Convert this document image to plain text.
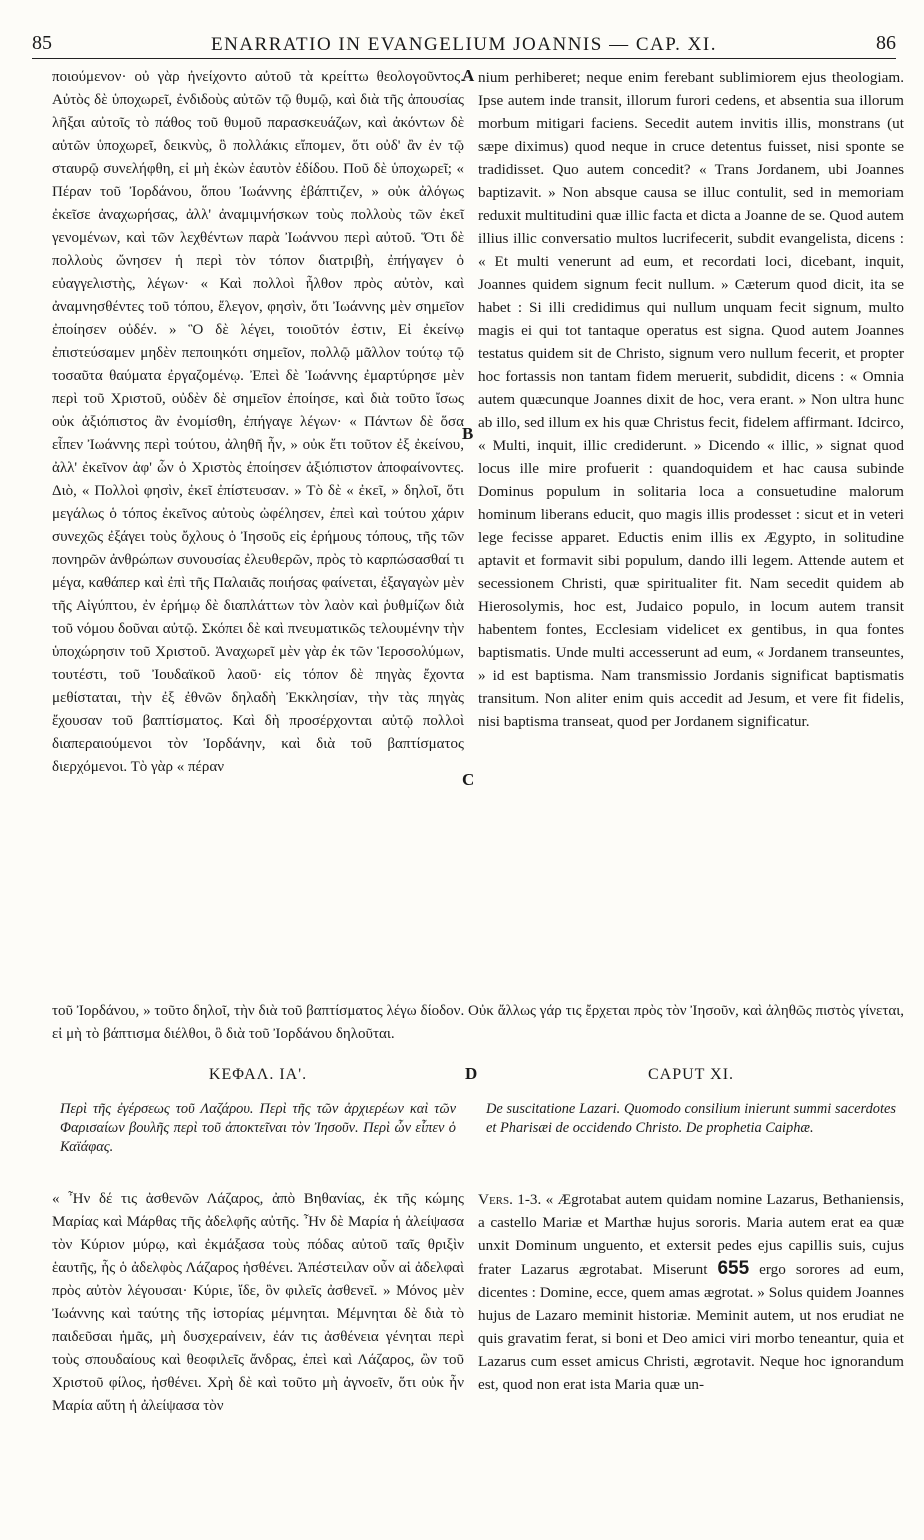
85	ENARRATIO IN EVANGELIUM JOANNIS — CAP. XI.	86

ποιούμενον· οὐ γὰρ ἠνείχοντο αὐτοῦ τὰ κρείττω θεολογοῦντος. Αὐτὸς δὲ ὑποχωρεῖ, ἐνδιδοὺς αὐτῶν τῷ θυμῷ, καὶ διὰ τῆς ἀπουσίας λῆξαι αὐτοῖς τὸ πάθος τοῦ θυμοῦ παρασκευάζων, καὶ ἀκόντων δὲ αὐτῶν ὑποχωρεῖ, δεικνὺς, ὃ πολλάκις εἴπομεν, ὅτι οὐδ' ἂν ἐν τῷ σταυρῷ συνελήφθη, εἰ μὴ ἑκὼν ἑαυτὸν ἐδίδου. Ποῦ δὲ ὑποχωρεῖ; « Πέραν τοῦ Ἰορδάνου, ὅπου Ἰωάννης ἐβάπτιζεν, » οὐκ ἀλόγως ἐκεῖσε ἀναχωρήσας, ἀλλ' ἀναμιμνήσκων τοὺς πολλοὺς τῶν ἐκεῖ γενομένων, καὶ τῶν λεχθέντων παρὰ Ἰωάννου περὶ αὐτοῦ. Ὅτι δὲ πολλοὺς ὤνησεν ἡ περὶ τὸν τόπον διατριβὴ, ἐπήγαγεν ὁ εὐαγγελιστὴς, λέγων· « Καὶ πολλοὶ ἦλθον πρὸς αὐτὸν, καὶ ἀναμνησθέντες τοῦ τόπου, ἔλεγον, φησὶν, ὅτι Ἰωάννης μὲν σημεῖον ἐποίησεν οὐδέν. » Ὃ δὲ λέγει, τοιοῦτόν ἐστιν, Εἰ ἐκείνῳ ἐπιστεύσαμεν μηδὲν πεποιηκότι σημεῖον, πολλῷ μᾶλλον τούτῳ τῷ τοσαῦτα θαύματα ἐργαζομένῳ. Ἐπεὶ δὲ Ἰωάννης ἐμαρτύρησε μὲν περὶ τοῦ Χριστοῦ, οὐδὲν δὲ σημεῖον ἐποίησε, καὶ διὰ τοῦτο ἴσως οὐκ ἀξιόπιστος ἂν ἐνομίσθη, ἐπήγαγε λέγων· « Πάντων δὲ ὅσα εἶπεν Ἰωάννης περὶ τούτου, ἀληθῆ ἦν, » οὐκ ἔτι τοῦτον ἐξ ἐκείνου, ἀλλ' ἐκεῖνον ἀφ' ὧν ὁ Χριστὸς ἐποίησεν ἀξιόπιστον ἀποφαίνοντες. Διὸ, « Πολλοὶ φησὶν, ἐκεῖ ἐπίστευσαν. » Τὸ δὲ « ἐκεῖ, » δηλοῖ, ὅτι μεγάλως ὁ τόπος ἐκεῖνος αὐτοὺς ὠφέλησεν, ἐπεὶ καὶ τούτου χάριν συνεχῶς ἐξάγει τοὺς ὄχλους ὁ Ἰησοῦς εἰς ἐρήμους τόπους, τῆς τῶν πονηρῶν ἀνθρώπων συνουσίας ἐλευθερῶν, πρὸς τὸ καρπώσασθαί τι μέγα, καθάπερ καὶ ἐπὶ τῆς Παλαιᾶς ποιήσας φαίνεται, ἐξαγαγὼν μὲν τῆς Αἰγύπτου, ἐν ἐρήμῳ δὲ διαπλάττων τὸν λαὸν καὶ ῥυθμίζων διὰ τοῦ νόμου δοῦναι αὐτῷ. Σκόπει δὲ καὶ πνευματικῶς τελουμένην τὴν ὑποχώρησιν τοῦ Χριστοῦ. Ἀναχωρεῖ μὲν γὰρ ἐκ τῶν Ἱεροσολύμων, τουτέστι, τοῦ Ἰουδαϊκοῦ λαοῦ· εἰς τόπον δὲ πηγὰς ἔχοντα μεθίσταται, τὴν ἐξ ἐθνῶν δηλαδὴ Ἐκκλησίαν, τὴν τὰς πηγὰς ἔχουσαν τοῦ βαπτίσματος. Καὶ δὴ προσέρχονται αὐτῷ πολλοὶ διαπεραιούμενοι τὸν Ἰορδάνην, καὶ διὰ τοῦ βαπτίσματος διερχόμενοι. Τὸ γὰρ « πέραν

nium perhiberet; neque enim ferebant sublimiorem ejus theologiam. Ipse autem inde transit, illorum furori cedens, et absentia sua illorum morbum mitigari faciens. Secedit autem invitis illis, monstrans (ut sæpe diximus) quod neque in cruce detentus fuisset, nisi sponte se tradidisset. Quo autem concedit? « Trans Jordanem, ubi Joannes baptizavit. » Non absque causa se illuc contulit, sed in memoriam reduxit multitudini quæ illic facta et dicta a Joanne de se. Quod autem illius illic conversatio multos lucrifecerit, subdit evangelista, dicens : « Et multi venerunt ad eum, et recordati loci, dicebant, inquit, Joannes quidem signum fecit nullum. » Cæterum quod dicit, ita se habet : Si illi credidimus qui nullum unquam fecit signum, multo magis ei qui tot tantaque operatus est signa. Quod autem Joannes testatus quidem sit de Christo, signum vero nullum fecerit, et propter hoc fortassis non tantam fidem meruerit, subdidit, dicens : « Omnia autem quæcunque Joannes dixit de hoc, vera erant. » Non ultra hunc ab illo, sed illum ex his quæ Christus fecit, fidelem affirmant. Idcirco, « Multi, inquit, illic crediderunt. » Dicendo « illic, » signat quod locus ille mire profuerit : quandoquidem et hac causa subinde Dominus populum in solitaria loca a consuetudine malorum hominum liberans educit, quo magis illis prodesset : sicut et in veteri lege fecisse apparet. Eductis enim illis ex Ægypto, in solitudine aptavit et formavit sibi populum, dando illi legem. Attende autem et secessionem Christi, quæ spiritualiter fit. Nam secedit quidem ab Hierosolymis, hoc est, Judaico populo, in locum autem transit habentem fontes, Ecclesiam videlicet ex gentibus, in qua fontes baptismatis. Unde multi accesserunt ad eum, « Jordanem transeuntes, » id est baptisma. Nam transmissio Jordanis significat baptismatis transitum. Non aliter enim quis accedit ad Jesum, et vere fit fidelis, nisi baptisma transeat, quod per Jordanem significatur.

A
B
C
D
τοῦ Ἰορδάνου, » τοῦτο δηλοῖ, τὴν διὰ τοῦ βαπτίσματος λέγω δίοδον. Οὐκ ἄλλως γάρ τις ἔρχεται πρὸς τὸν Ἰησοῦν, καὶ ἀληθῶς πιστὸς γίνεται, εἰ μὴ τὸ βάπτισμα διέλθοι, ὃ διὰ τοῦ Ἰορδάνου δηλοῦται.
ΚΕΦΑΛ. ΙΑ'.	CAPUT XI.
Περὶ τῆς ἐγέρσεως τοῦ Λαζάρου. Περὶ τῆς τῶν ἀρχιερέων καὶ τῶν Φαρισαίων βουλῆς περὶ τοῦ ἀποκτεῖναι τὸν Ἰησοῦν. Περὶ ὧν εἶπεν ὁ Καϊάφας.
De suscitatione Lazari. Quomodo consilium inierunt summi sacerdotes et Pharisæi de occidendo Christo. De prophetia Caiphæ.

« Ἦν δέ τις ἀσθενῶν Λάζαρος, ἀπὸ Βηθανίας, ἐκ τῆς κώμης Μαρίας καὶ Μάρθας τῆς ἀδελφῆς αὐτῆς. Ἦν δὲ Μαρία ἡ ἀλείψασα τὸν Κύριον μύρῳ, καὶ ἐκμάξασα τοὺς πόδας αὐτοῦ ταῖς θριξὶν ἑαυτῆς, ἧς ὁ ἀδελφὸς Λάζαρος ἠσθένει. Ἀπέστειλαν οὖν αἱ ἀδελφαὶ πρὸς αὐτὸν λέγουσαι· Κύριε, ἴδε, ὃν φιλεῖς ἀσθενεῖ. » Μόνος μὲν Ἰωάννης καὶ ταύτης τῆς ἱστορίας μέμνηται. Μέμνηται δὲ διὰ τὸ παιδεῦσαι ἡμᾶς, μὴ δυσχεραίνειν, ἐάν τις ἀσθένεια γένηται περὶ τοὺς σπουδαίους καὶ θεοφιλεῖς ἄνδρας, ἐπεὶ καὶ Λάζαρος, ὢν τοῦ Χριστοῦ φίλος, ἠσθένει. Χρὴ δὲ καὶ τοῦτο μὴ ἀγνοεῖν, ὅτι οὐκ ἦν Μαρία αὕτη ἡ ἀλείψασα τὸν

Vers. 1-3. « Ægrotabat autem quidam nomine Lazarus, Bethaniensis, a castello Mariæ et Marthæ hujus sororis. Maria autem erat ea quæ unxit Dominum unguento, et extersit pedes ejus capillis suis, cujus frater Lazarus ægrotabat. Miserunt 655 ergo sorores ad eum, dicentes : Domine, ecce, quem amas ægrotat. » Solus quidem Joannes hujus de Lazaro meminit historiæ. Meminit autem, ut nos erudiat ne quis gravatim ferat, si boni et Deo amici viri morbo teneantur, quia et Lazarus cum esset amicus Christi, ægrotavit. Neque hoc ignorandum est, quod non erat ista Maria quæ un-
